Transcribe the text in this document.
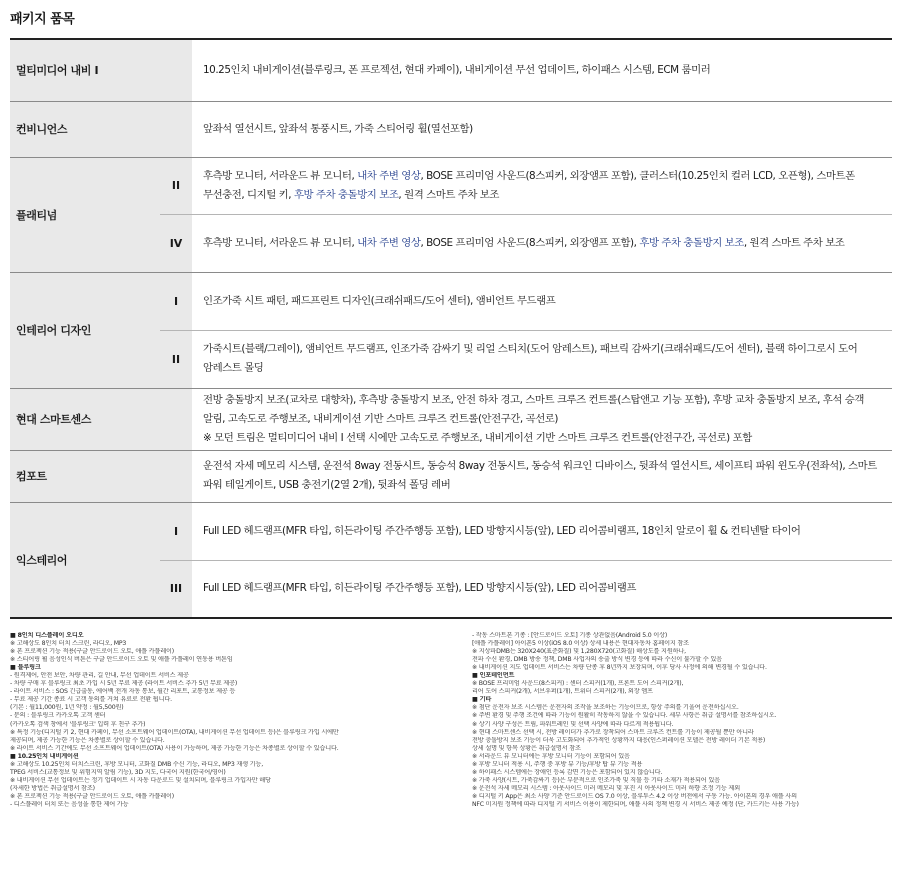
패키지 품목
멀티미디어 내비 I		10.25인치 내비게이션(블루링크, 폰 프로젝션, 현대 카페이), 내비게이션 무선 업데이트, 하이패스 시스템, ECM 룸미러
컨비니언스		앞좌석 열선시트, 앞좌석 통풍시트, 가죽 스티어링 휠(열선포함)
플래티넘	II	후측방 모니터, 서라운드 뷰 모니터, 내차 주변 영상, BOSE 프리미엄 사운드(8스피커, 외장앰프 포함), 클러스터(10.25인치 컬러 LCD, 오픈형), 스마트폰 무선충전, 디지털 키, 후방 주차 충돌방지 보조, 원격 스마트 주차 보조
	IV	후측방 모니터, 서라운드 뷰 모니터, 내차 주변 영상, BOSE 프리미엄 사운드(8스피커, 외장앰프 포함), 후방 주차 충돌방지 보조, 원격 스마트 주차 보조
인테리어 디자인	I	인조가죽 시트 패턴, 패드프린트 디자인(크래쉬패드/도어 센터), 앰비언트 무드램프
	II	가죽시트(블랙/그레이), 앰비언트 무드램프, 인조가죽 감싸기 및 리얼 스티치(도어 암레스트), 패브릭 감싸기(크래쉬패드/도어 센터), 블랙 하이그로시 도어 암레스트 몰딩
현대 스마트센스		전방 충돌방지 보조(교차로 대향차), 후측방 충돌방지 보조, 안전 하차 경고, 스마트 크루즈 컨트롤(스탑앤고 기능 포함), 후방 교차 충돌방지 보조, 후석 승객 알림, 고속도로 주행보조, 내비게이션 기반 스마트 크루즈 컨트롤(안전구간, 곡선로)
※ 모던 트림은 멀티미디어 내비 I 선택 시에만 고속도로 주행보조, 내비게이션 기반 스마트 크루즈 컨트롤(안전구간, 곡선로) 포함
컴포트		운전석 자세 메모리 시스템, 운전석 8way 전동시트, 동승석 8way 전동시트, 동승석 워크인 디바이스, 뒷좌석 열선시트, 세이프티 파워 윈도우(전좌석), 스마트 파워 테일게이트, USB 충전기(2열 2개), 뒷좌석 폴딩 레버
익스테리어	I	Full LED 헤드램프(MFR 타입, 히든라이팅 주간주행등 포함), LED 방향지시등(앞), LED 리어콤비램프, 18인치 알로이 휠 & 컨티넨탈 타이어
	III	Full LED 헤드램프(MFR 타입, 히든라이팅 주간주행등 포함), LED 방향지시등(앞), LED 리어콤비램프
■ 8인치 디스플레이 오디오
※ 고해상도 8인치 터치 스크린, 라디오, MP3
※ 폰 프로젝션 기능 적용(구글 안드로이드 오토, 애플 카플레이)
※ 스티어링 휠 음성인식 버튼은 구글 안드로이드 오토 및 애플 카플레이 연동용 버튼임
■ 블루링크
- 원격제어, 안전 보안, 차량 관리, 길 안내, 무선 업데이트 서비스 제공
- 차량 구매 후 블루링크 최초 가입 시 5년 무료 제공 (라이트 서비스 추가 5년 무료 제공)
- 라이트 서비스 : SOS 긴급출동, 에어백 전개 자동 통보, 월간 리포트, 교통정보 제공 등
- 무료 제공 기간 종료 시 고객 동의를 거쳐 유료로 전환 됩니다.
(기본 : 월11,000원, 1년 약정 : 월5,500원)
- 문의 : 블루링크 카카오톡 고객 센터
(카카오톡 검색 창에서 '블루링크' 입력 후 친구 추가)
※ 특정 기능(디지털 키 2, 현대 카페이, 무선 소프트웨어 업데이트(OTA), 내비게이션 무선 업데이트 등)은 블루링크 가입 시에만
제공되며, 제공 가능한 기능은 차종별로 상이할 수 있습니다.
※ 라이트 서비스 기간에도 무선 소프트웨어 업데이트(OTA) 사용이 가능하며, 제공 가능한 기능은 차종별로 상이할 수 있습니다.
■ 10.25인치 내비게이션
※ 고해상도 10.25인치 터치스크린, 후방 모니터, 고화질 DMB 수신 기능, 라디오, MP3 재생 기능,
TPEG 서비스(교통정보 및 위험지역 알림 기능), 3D 지도, 다국어 지원(한국어/영어)
※ 내비게이션 무선 업데이트는 정기 업데이트 시 자동 다운로드 및 설치되며, 블루링크 가입자만 해당
(자세한 방법은 취급설명서 참조)
※ 폰 프로젝션 기능 적용(구글 안드로이드 오토, 애플 카플레이)
- 디스플레이 터치 또는 음성을 통한 제어 가능
- 작동 스마트폰 기종 : [안드로이드 오토] 기종 상관없음(Android 5.0 이상)
[애플 카플레이] 아이폰5 이상(iOS 8.0 이상) 상세 내용은 현대자동차 홈페이지 참조
※ 지상파DMB는 320X240(표준화질) 및 1,280X720(고화질) 해상도를 지원하나,
전파 수신 환경, DMB 방송 정책, DMB 사업자의 송출 방식 변경 등에 따라 수신이 불가할 수 있음
※ 내비게이션 지도 업데이트 서비스는 차량 단종 후 8년까지 보장되며, 이후 당사 사정에 의해 변경될 수 있습니다.
■ 인포테인먼트
※ BOSE 프리미엄 사운드(8스피커) : 센터 스피커(1개), 프론트 도어 스피커(2개),
리어 도어 스피커(2개), 서브우퍼(1개), 트위터 스피커(2개), 외장 앰프
■ 기타
※ 첨단 운전자 보조 시스템은 운전자의 조작을 보조하는 기능이므로, 항상 주의를 기울여 운전하십시오.
※ 주변 환경 및 주행 조건에 따라 기능이 원활히 작동하지 않을 수 있습니다. 세부 사항은 취급 설명서를 참조하십시오.
※ 상기 사양 구성은 트림, 파워트레인 및 선택 사양에 따라 다르게 적용됩니다.
※ 현대 스마트센스 선택 시, 전방 레이더가 추가로 장착되어 스마트 크루즈 컨트롤 기능이 제공될 뿐만 아니라
전방 충돌방지 보조 기능이 더욱 고도화되어 추가적인 상황까지 대응(인스퍼레이션 모델은 전방 레이더 기본 적용)
상세 설명 및 항목 상황은 취급설명서 참조
※ 서라운드 뷰 모니터에는 후방 모니터 기능이 포함되어 있음
※ 후방 모니터 적용 시, 주행 중 후방 뷰 기능/후방 탑 뷰 기능 적용
※ 하이패스 시스템에는 장애인 등록 감면 기능은 포함되어 있지 않습니다.
※ 가죽 사양(시트, 가죽감싸기 등)은 부분적으로 인조가죽 및 직물 등 기타 소재가 적용되어 있음
※ 운전석 자세 메모리 시스템 : 아웃사이드 미러 메모리 및 후진 시 아웃사이드 미러 하향 조정 기능 제외
※ 디지털 키 App은 최소 사양 기준 안드로이드 OS 7.0 이상, 블루투스 4.2 이상 버전에서 구동 가능. 아이폰의 경우 애플 사의
NFC 미지원 정책에 따라 디지털 키 서비스 이용이 제한되며, 애플 사의 정책 변경 시 서비스 제공 예정 (단, 카드키는 사용 가능)
